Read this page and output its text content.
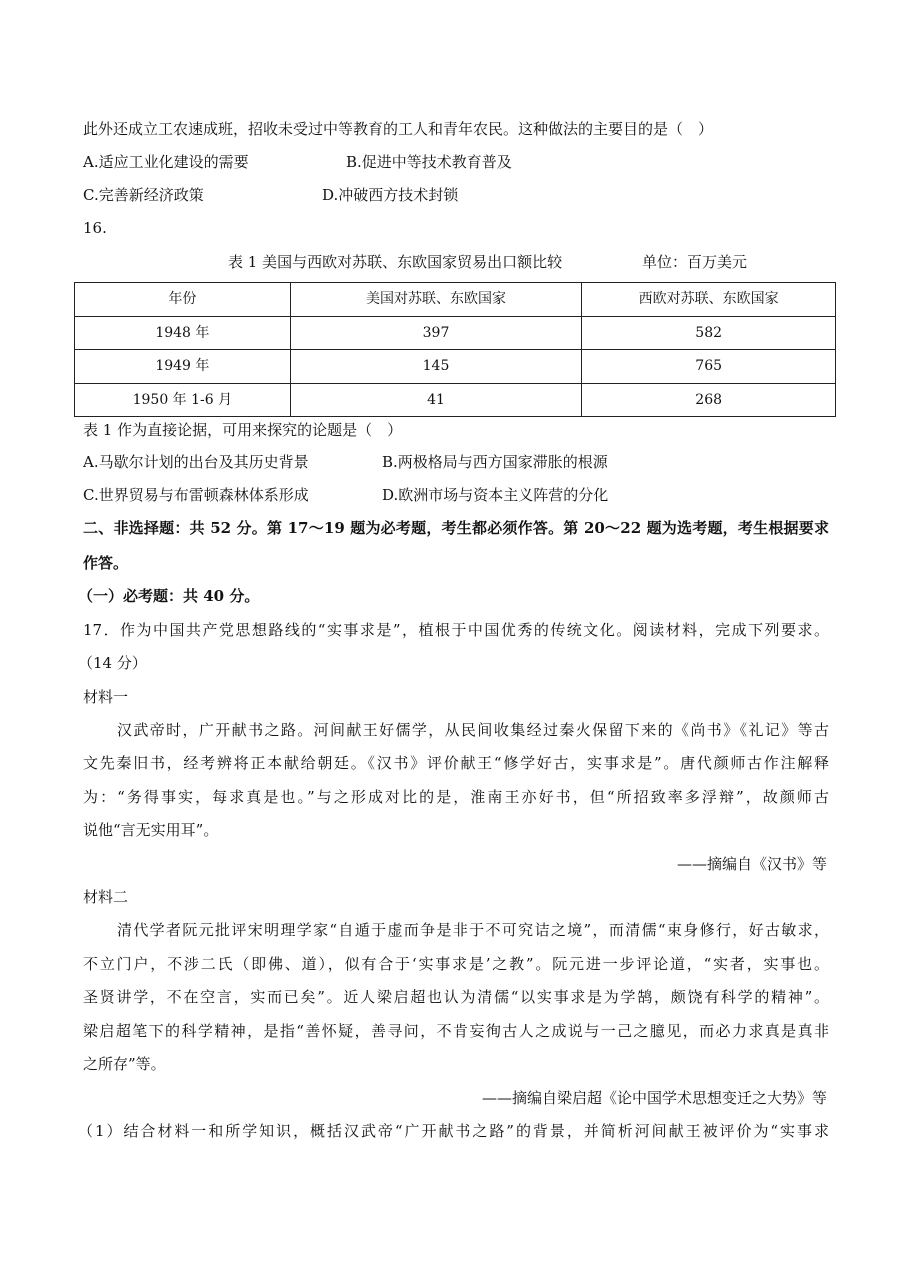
此外还成立工农速成班，招收未受过中等教育的工人和青年农民。这种做法的主要目的是（　）
A.适应工业化建设的需要	B.促进中等技术教育普及
C.完善新经济政策	D.冲破西方技术封锁
16.
表 1 美国与西欧对苏联、东欧国家贸易出口额比较	单位：百万美元
年份	美国对苏联、东欧国家	西欧对苏联、东欧国家
1948 年	397	582
1949 年	145	765
1950 年 1-6 月	41	268
表 1 作为直接论据，可用来探究的论题是（　）
A.马歇尔计划的出台及其历史背景	B.两极格局与西方国家滞胀的根源
C.世界贸易与布雷顿森林体系形成	D.欧洲市场与资本主义阵营的分化
二、非选择题：共 52 分。第 17～19 题为必考题，考生都必须作答。第 20～22 题为选考题，考生根据要求
作答。
（一）必考题：共 40 分。
17．作为中国共产党思想路线的“实事求是”，植根于中国优秀的传统文化。阅读材料，完成下列要求。
（14 分）
材料一
汉武帝时，广开献书之路。河间献王好儒学，从民间收集经过秦火保留下来的《尚书》《礼记》等古
文先秦旧书，经考辨将正本献给朝廷。《汉书》评价献王“修学好古，实事求是”。唐代颜师古作注解释
为：“务得事实，每求真是也。”与之形成对比的是，淮南王亦好书，但“所招致率多浮辩”，故颜师古
说他“言无实用耳”。
——摘编自《汉书》等
材料二
清代学者阮元批评宋明理学家“自遁于虚而争是非于不可究诘之境”，而清儒“束身修行，好古敏求，
不立门户，不涉二氏（即佛、道），似有合于‘实事求是’之教”。阮元进一步评论道，“实者，实事也。
圣贤讲学，不在空言，实而已矣”。近人梁启超也认为清儒“以实事求是为学鹄，颇饶有科学的精神”。
梁启超笔下的科学精神，是指“善怀疑，善寻问，不肯妄徇古人之成说与一己之臆见，而必力求真是真非
之所存”等。
——摘编自梁启超《论中国学术思想变迁之大势》等
（1）结合材料一和所学知识，概括汉武帝“广开献书之路”的背景，并简析河间献王被评价为“实事求
